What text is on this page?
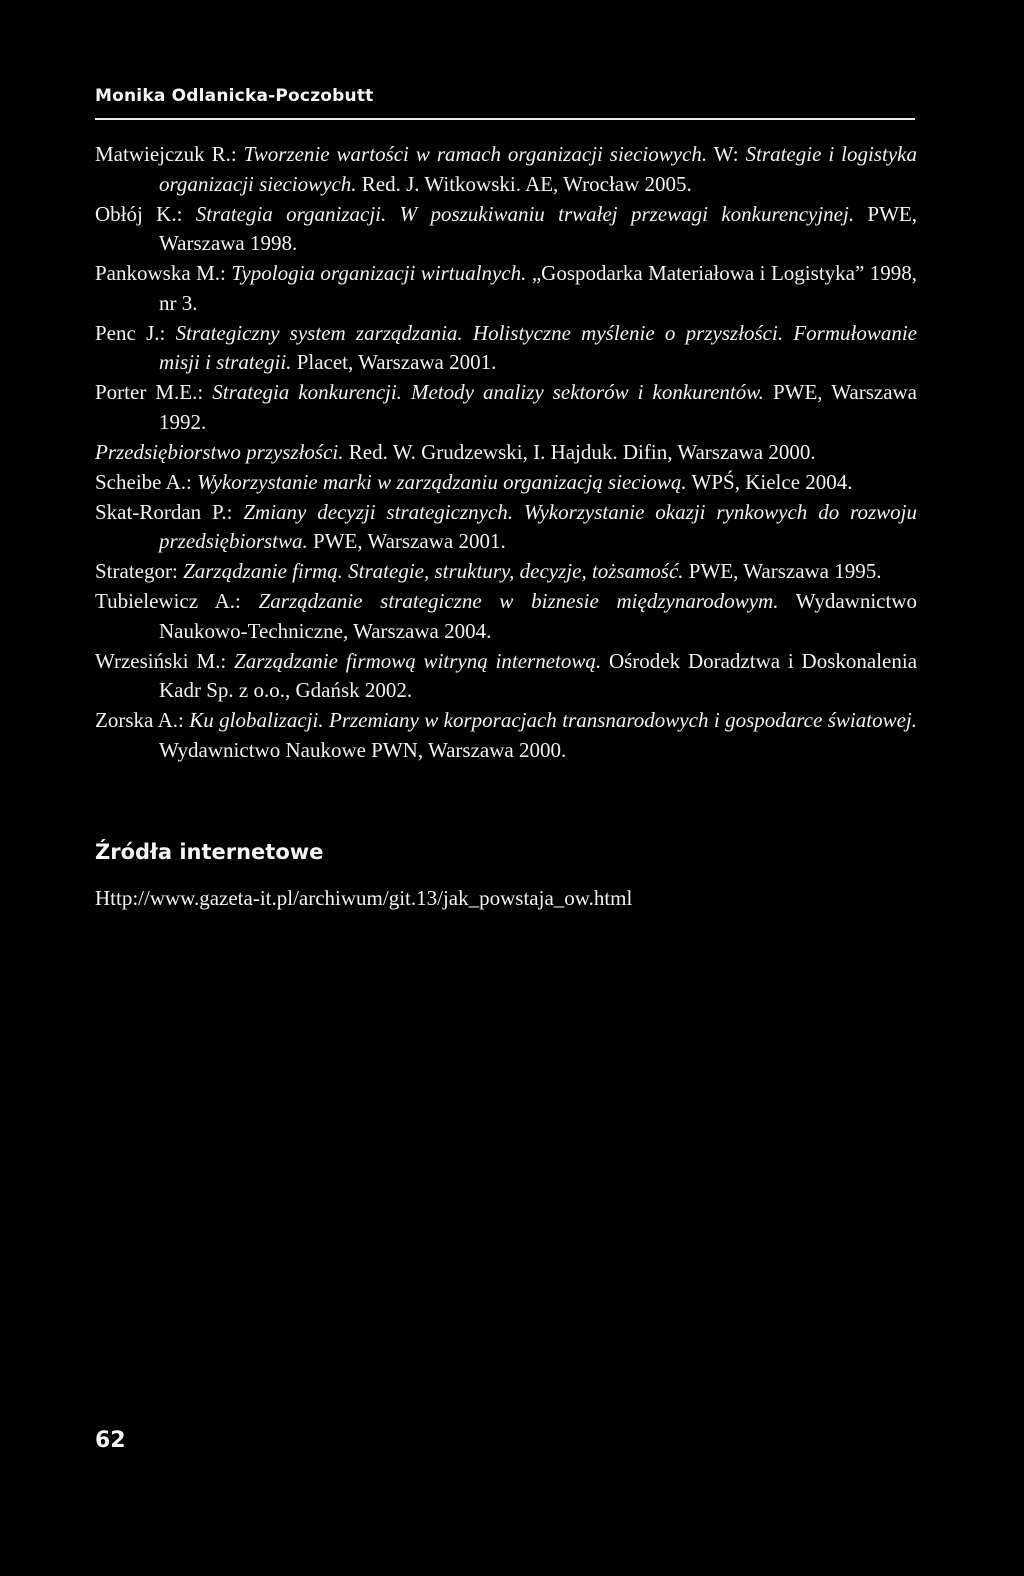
Monika Odlanicka-Poczobutt

Matwiejczuk R.: Tworzenie wartości w ramach organizacji sieciowych. W: Strategie i logistyka organizacji sieciowych. Red. J. Witkowski. AE, Wrocław 2005.

Obłój K.: Strategia organizacji. W poszukiwaniu trwałej przewagi konkurencyjnej. PWE, Warszawa 1998.

Pankowska M.: Typologia organizacji wirtualnych. „Gospodarka Materiałowa i Logistyka” 1998, nr 3.

Penc J.: Strategiczny system zarządzania. Holistyczne myślenie o przyszłości. Formułowanie misji i strategii. Placet, Warszawa 2001.

Porter M.E.: Strategia konkurencji. Metody analizy sektorów i konkurentów. PWE, Warszawa 1992.

Przedsiębiorstwo przyszłości. Red. W. Grudzewski, I. Hajduk. Difin, Warszawa 2000.

Scheibe A.: Wykorzystanie marki w zarządzaniu organizacją sieciową. WPŚ, Kielce 2004.

Skat-Rordan P.: Zmiany decyzji strategicznych. Wykorzystanie okazji rynkowych do rozwoju przedsiębiorstwa. PWE, Warszawa 2001.

Strategor: Zarządzanie firmą. Strategie, struktury, decyzje, tożsamość. PWE, Warszawa 1995.

Tubielewicz A.: Zarządzanie strategiczne w biznesie międzynarodowym. Wydawnictwo Naukowo-Techniczne, Warszawa 2004.

Wrzesiński M.: Zarządzanie firmową witryną internetową. Ośrodek Doradztwa i Doskonalenia Kadr Sp. z o.o., Gdańsk 2002.

Zorska A.: Ku globalizacji. Przemiany w korporacjach transnarodowych i gospodarce światowej. Wydawnictwo Naukowe PWN, Warszawa 2000.

Źródła internetowe
Http://www.gazeta-it.pl/archiwum/git.13/jak_powstaja_ow.html
62
